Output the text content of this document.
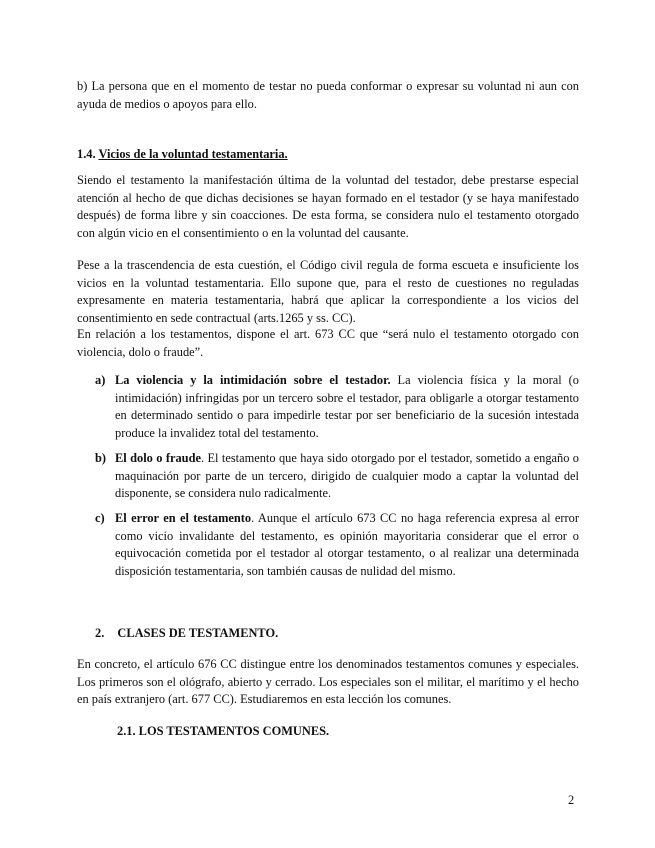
b) La persona que en el momento de testar no pueda conformar o expresar su voluntad ni aun con ayuda de medios o apoyos para ello.

1.4. Vicios de la voluntad testamentaria.

Siendo el testamento la manifestación última de la voluntad del testador, debe prestarse especial atención al hecho de que dichas decisiones se hayan formado en el testador (y se haya manifestado después) de forma libre y sin coacciones. De esta forma, se considera nulo el testamento otorgado con algún vicio en el consentimiento o en la voluntad del causante.

Pese a la trascendencia de esta cuestión, el Código civil regula de forma escueta e insuficiente los vicios en la voluntad testamentaria. Ello supone que, para el resto de cuestiones no reguladas expresamente en materia testamentaria, habrá que aplicar la correspondiente a los vicios del consentimiento en sede contractual (arts.1265 y ss. CC).

En relación a los testamentos, dispone el art. 673 CC que “será nulo el testamento otorgado con violencia, dolo o fraude”.

a) La violencia y la intimidación sobre el testador. La violencia física y la moral (o intimidación) infringidas por un tercero sobre el testador, para obligarle a otorgar testamento en determinado sentido o para impedirle testar por ser beneficiario de la sucesión intestada produce la invalidez total del testamento.
b) El dolo o fraude. El testamento que haya sido otorgado por el testador, sometido a engaño o maquinación por parte de un tercero, dirigido de cualquier modo a captar la voluntad del disponente, se considera nulo radicalmente.
c) El error en el testamento. Aunque el artículo 673 CC no haga referencia expresa al error como vicio invalidante del testamento, es opinión mayoritaria considerar que el error o equivocación cometida por el testador al otorgar testamento, o al realizar una determinada disposición testamentaria, son también causas de nulidad del mismo.

2. CLASES DE TESTAMENTO.

En concreto, el artículo 676 CC distingue entre los denominados testamentos comunes y especiales. Los primeros son el ológrafo, abierto y cerrado. Los especiales son el militar, el marítimo y el hecho en país extranjero (art. 677 CC). Estudiaremos en esta lección los comunes.

2.1. LOS TESTAMENTOS COMUNES.

2
